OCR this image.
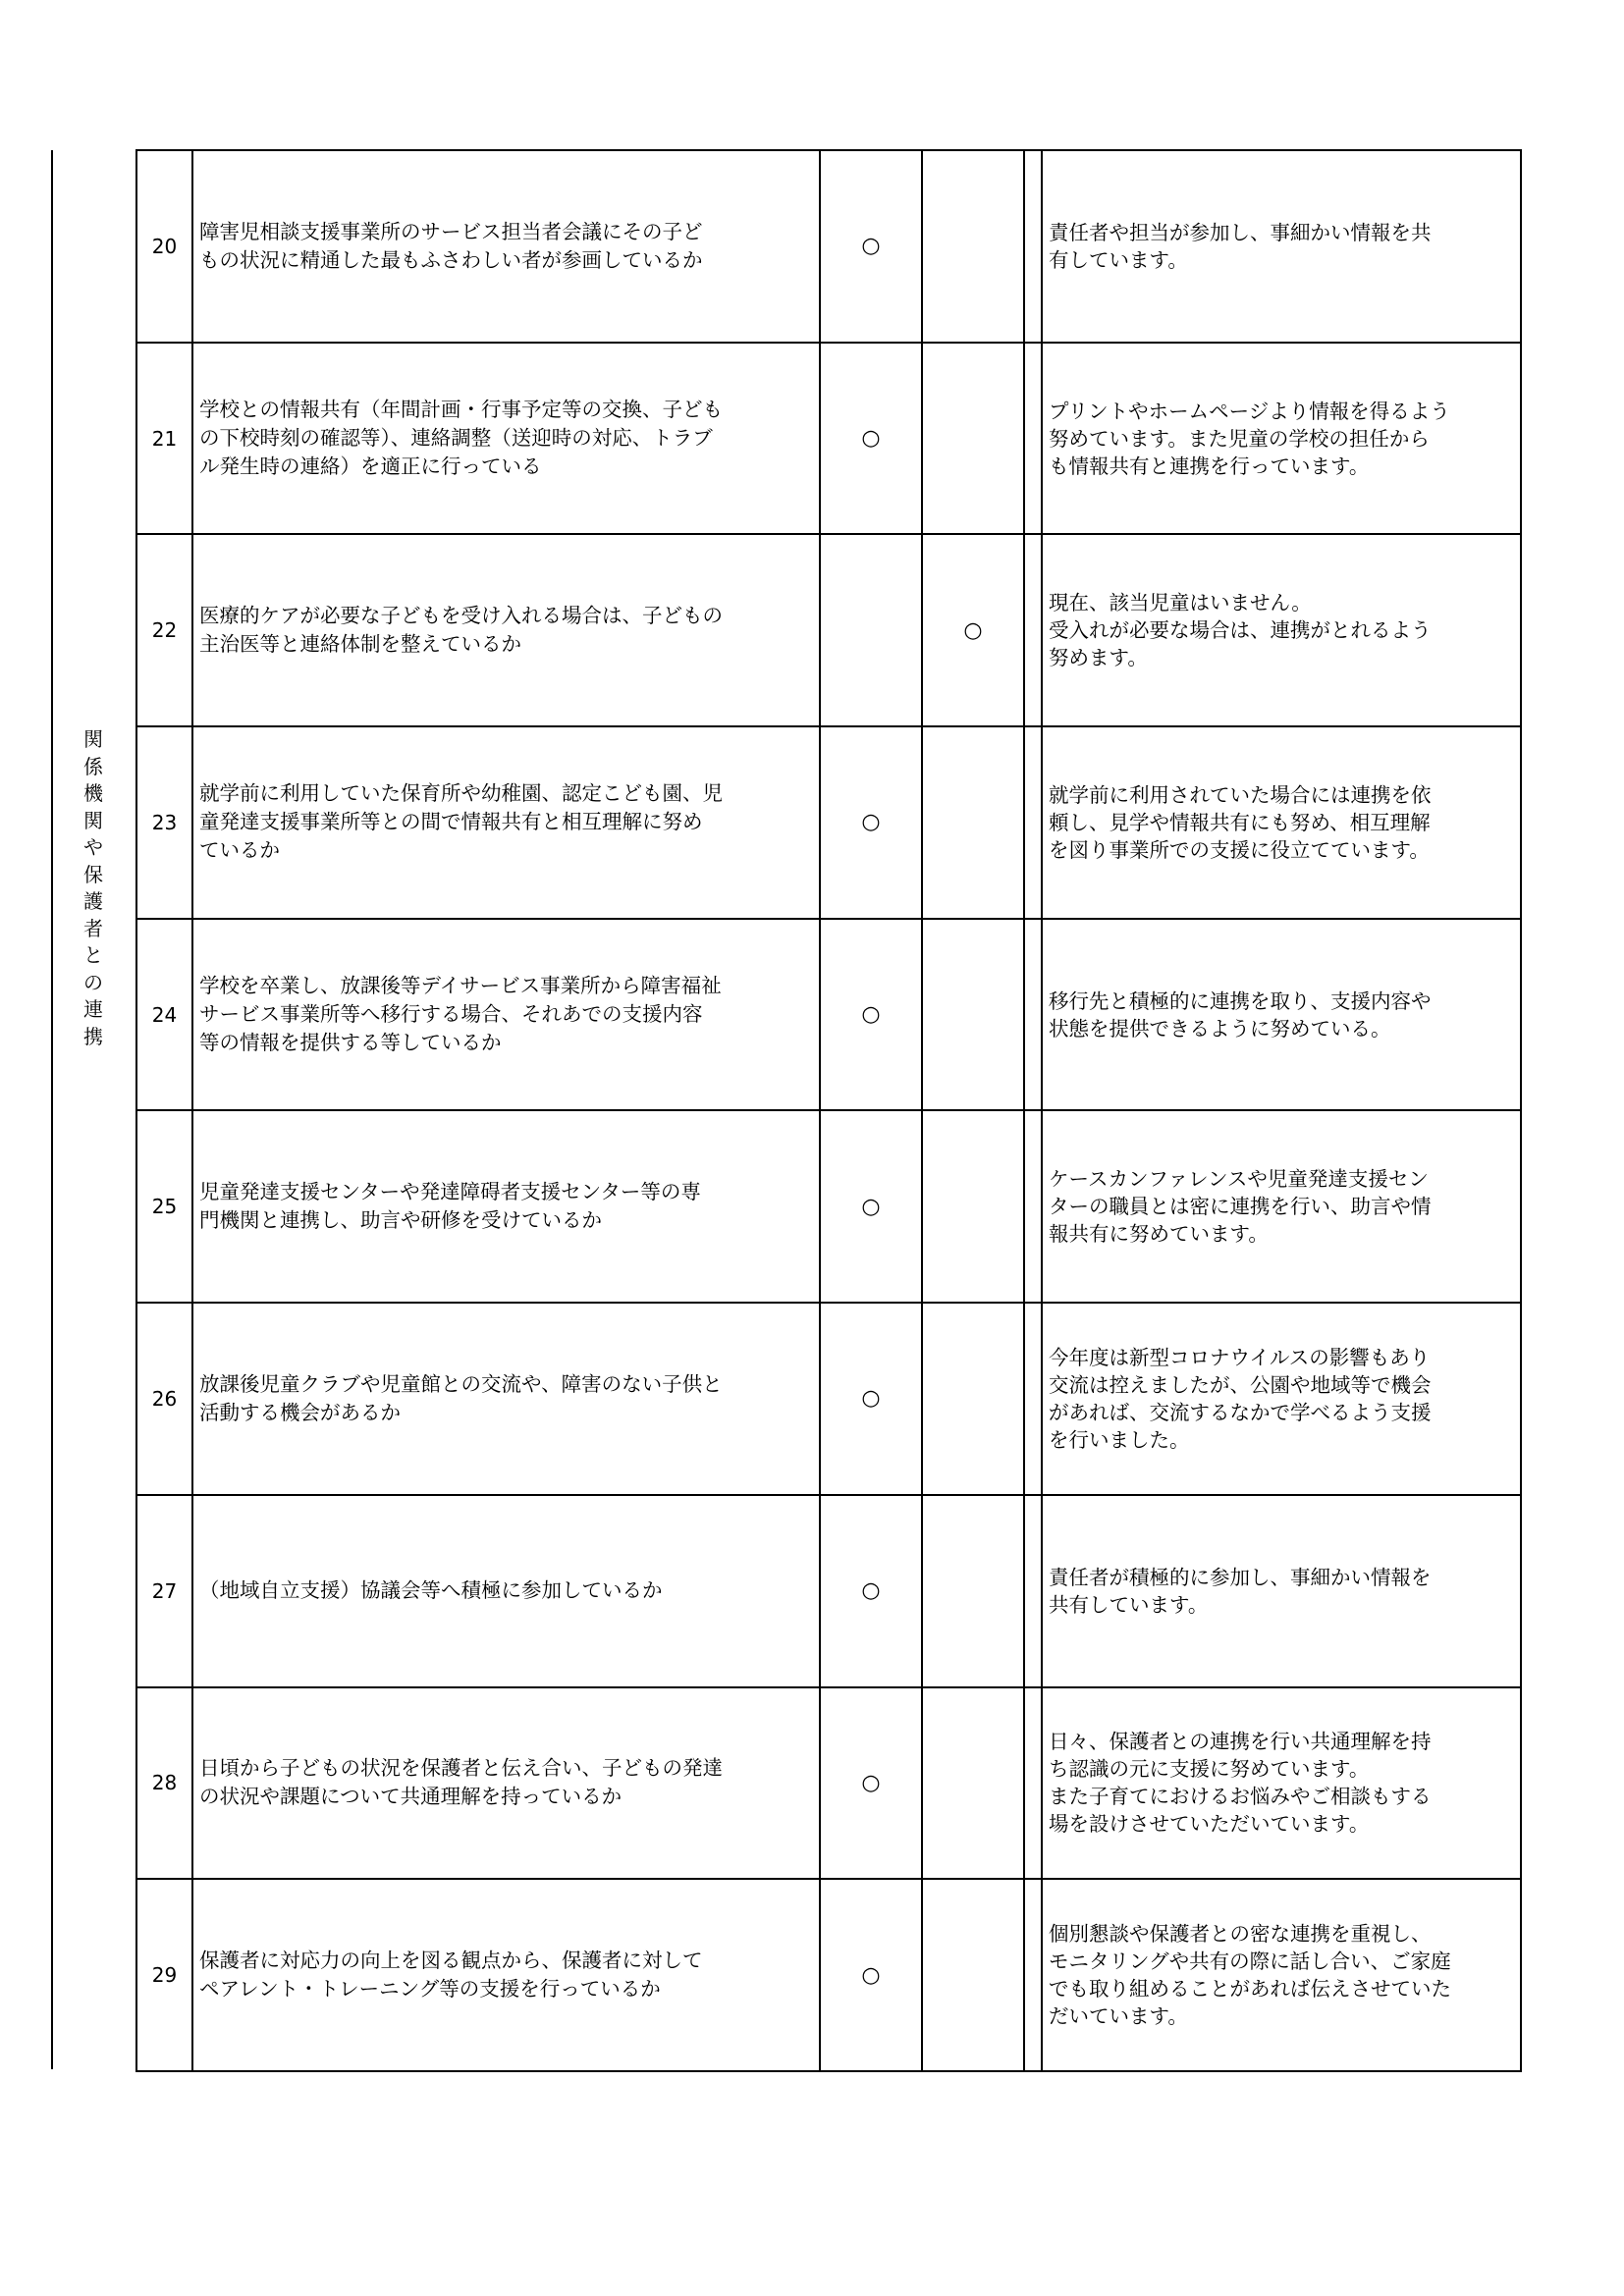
関
係
機
関
や
保
護
者
と
の
連
携
20	障害児相談支援事業所のサービス担当者会議にその子ど
もの状況に精通した最もふさわしい者が参画しているか	○			責任者や担当が参加し、事細かい情報を共
有しています。

21	学校との情報共有（年間計画・行事予定等の交換、子ども
の下校時刻の確認等）、連絡調整（送迎時の対応、トラブ
ル発生時の連絡）を適正に行っている	○			プリントやホームページより情報を得るよう
努めています。また児童の学校の担任から
も情報共有と連携を行っています。

22	医療的ケアが必要な子どもを受け入れる場合は、子どもの
主治医等と連絡体制を整えているか		○		現在、該当児童はいません。
受入れが必要な場合は、連携がとれるよう
努めます。

23	就学前に利用していた保育所や幼稚園、認定こども園、児
童発達支援事業所等との間で情報共有と相互理解に努め
ているか	○			就学前に利用されていた場合には連携を依
頼し、見学や情報共有にも努め、相互理解
を図り事業所での支援に役立てています。

24	学校を卒業し、放課後等デイサービス事業所から障害福祉
サービス事業所等へ移行する場合、それあでの支援内容
等の情報を提供する等しているか	○			移行先と積極的に連携を取り、支援内容や
状態を提供できるように努めている。

25	児童発達支援センターや発達障碍者支援センター等の専
門機関と連携し、助言や研修を受けているか	○			ケースカンファレンスや児童発達支援セン
ターの職員とは密に連携を行い、助言や情
報共有に努めています。

26	放課後児童クラブや児童館との交流や、障害のない子供と
活動する機会があるか	○			今年度は新型コロナウイルスの影響もあり
交流は控えましたが、公園や地域等で機会
があれば、交流するなかで学べるよう支援
を行いました。

27	（地域自立支援）協議会等へ積極に参加しているか	○			責任者が積極的に参加し、事細かい情報を
共有しています。

28	日頃から子どもの状況を保護者と伝え合い、子どもの発達
の状況や課題について共通理解を持っているか	○			日々、保護者との連携を行い共通理解を持
ち認識の元に支援に努めています。
また子育てにおけるお悩みやご相談もする
場を設けさせていただいています。

29	保護者に対応力の向上を図る観点から、保護者に対して
ペアレント・トレーニング等の支援を行っているか	○			個別懇談や保護者との密な連携を重視し、
モニタリングや共有の際に話し合い、ご家庭
でも取り組めることがあれば伝えさせていた
だいています。
